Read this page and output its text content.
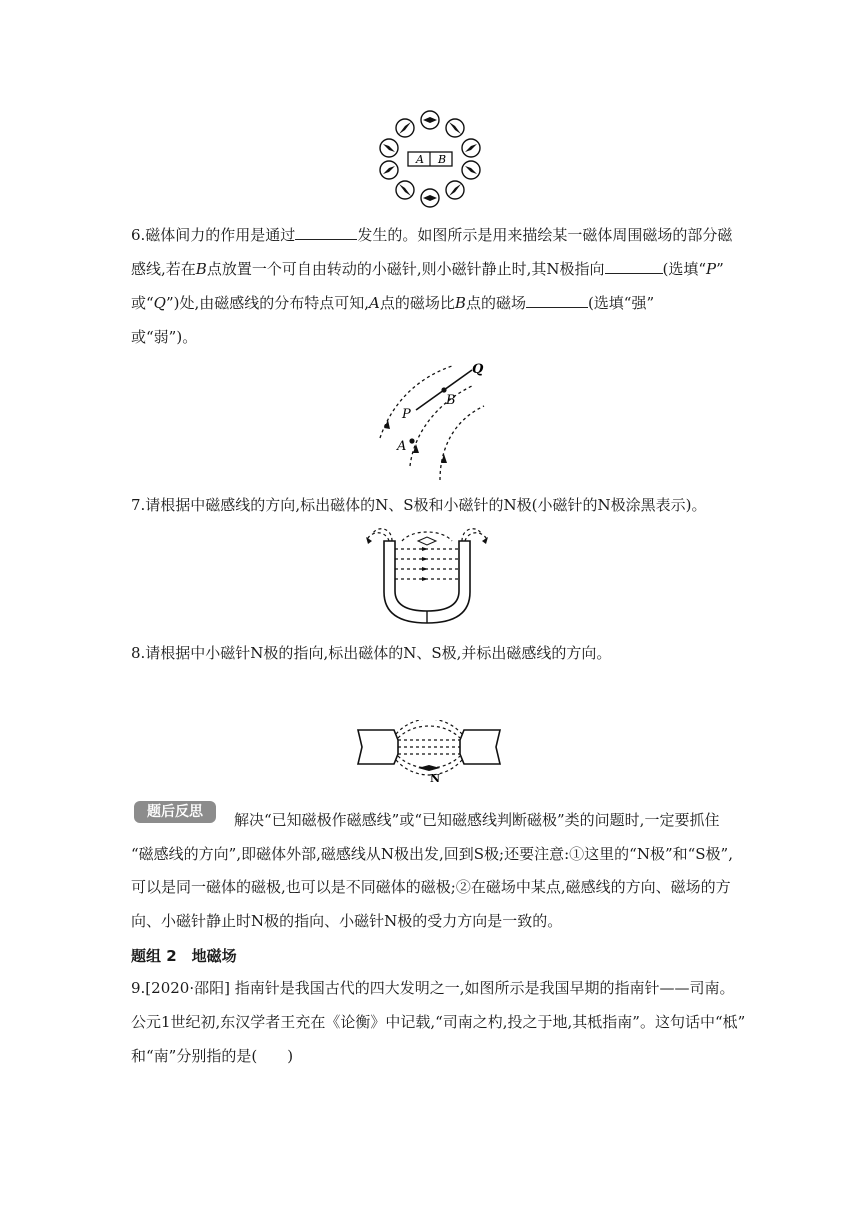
A B
6.磁体间力的作用是通过	发生的。如图所示是用来描绘某一磁体周围磁场的部分磁
感线,若在B点放置一个可自由转动的小磁针,则小磁针静止时,其N极指向	(选填“P”
或“Q”)处,由磁感线的分布特点可知,A点的磁场比B点的磁场	(选填“强”
或“弱”)。
Q
B
P
A
7.请根据中磁感线的方向,标出磁体的N、S极和小磁针的N极(小磁针的N极涂黑表示)。
8.请根据中小磁针N极的指向,标出磁体的N、S极,并标出磁感线的方向。
N
题后反思	解决“已知磁极作磁感线”或“已知磁感线判断磁极”类的问题时,一定要抓住
“磁感线的方向”,即磁体外部,磁感线从N极出发,回到S极;还要注意:①这里的“N极”和“S极”,
可以是同一磁体的磁极,也可以是不同磁体的磁极;②在磁场中某点,磁感线的方向、磁场的方
向、小磁针静止时N极的指向、小磁针N极的受力方向是一致的。
题组 2　地磁场
9.[2020·邵阳] 指南针是我国古代的四大发明之一,如图所示是我国早期的指南针——司南。
公元1世纪初,东汉学者王充在《论衡》中记载,“司南之杓,投之于地,其柢指南”。这句话中“柢”
和“南”分别指的是(　　)
